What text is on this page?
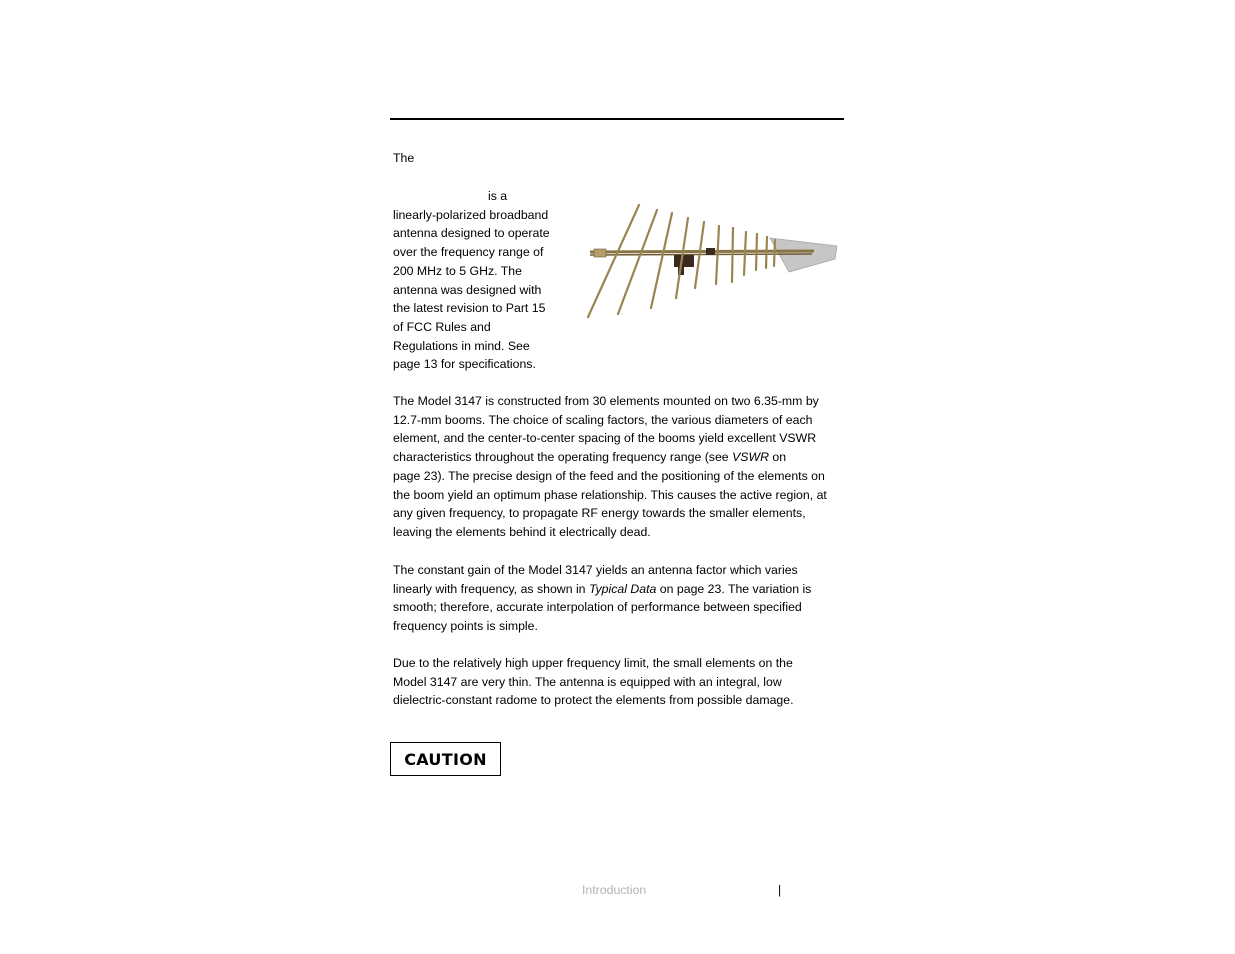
The

is a
linearly-polarized broadband
antenna designed to operate
over the frequency range of
200 MHz to 5 GHz. The
antenna was designed with
the latest revision to Part 15
of FCC Rules and
Regulations in mind. See
page 13 for specifications.

The Model 3147 is constructed from 30 elements mounted on two 6.35-mm by
12.7-mm booms. The choice of scaling factors, the various diameters of each
element, and the center-to-center spacing of the booms yield excellent VSWR
characteristics throughout the operating frequency range (see VSWR on
page 23). The precise design of the feed and the positioning of the elements on
the boom yield an optimum phase relationship. This causes the active region, at
any given frequency, to propagate RF energy towards the smaller elements,
leaving the elements behind it electrically dead.

The constant gain of the Model 3147 yields an antenna factor which varies
linearly with frequency, as shown in Typical Data on page 23. The variation is
smooth; therefore, accurate interpolation of performance between specified
frequency points is simple.

Due to the relatively high upper frequency limit, the small elements on the
Model 3147 are very thin. The antenna is equipped with an integral, low
dielectric-constant radome to protect the elements from possible damage.

CAUTION
Introduction	|
